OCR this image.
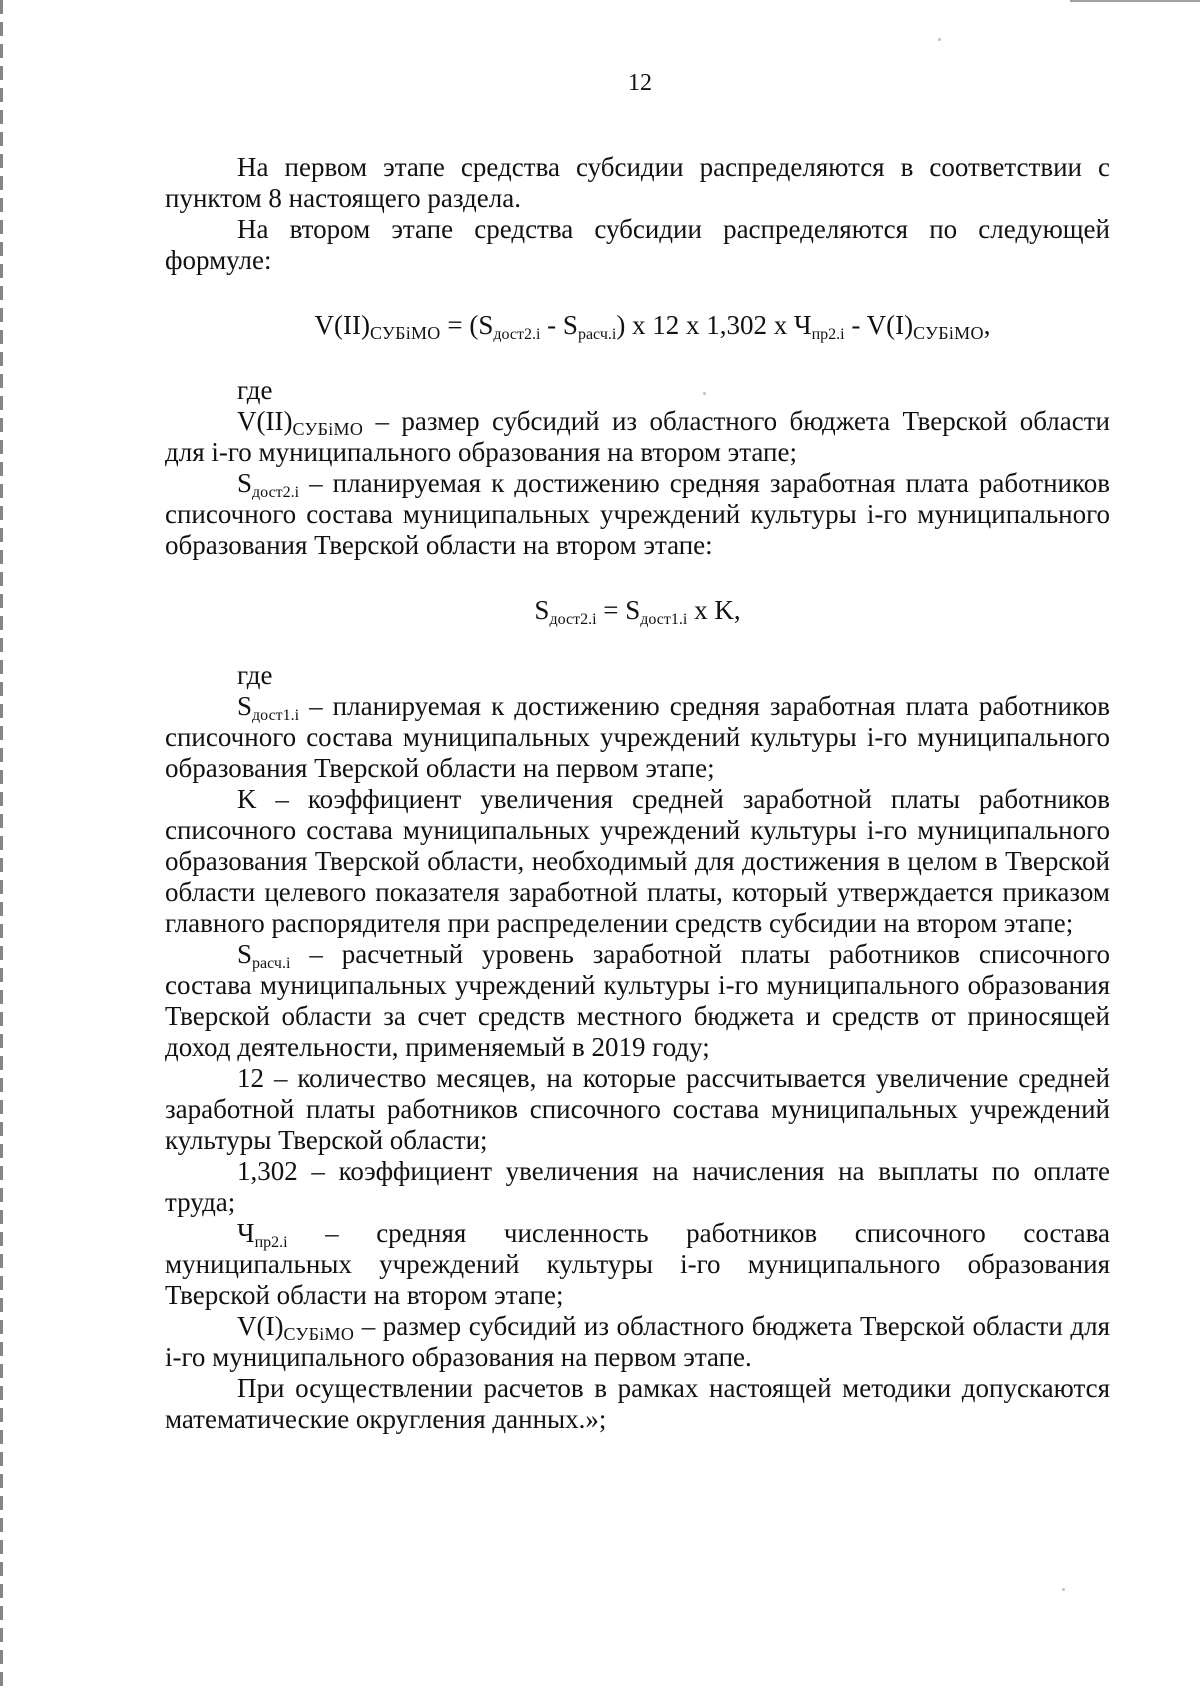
12

На первом этапе средства субсидии распределяются в соответствии с пунктом 8 настоящего раздела.

На втором этапе средства субсидии распределяются по следующей формуле:

$V(II)_{СУБiМО} = (S_{дост2.i} - S_{расч.i})$ x 12 x 1,302 x $Ч_{пр2.i} - V(I)_{СУБiМО}$,

где

$V(II)_{СУБiМО}$ – размер субсидий из областного бюджета Тверской области для i-го муниципального образования на втором этапе;

$S_{дост2.i}$ – планируемая к достижению средняя заработная плата работников списочного состава муниципальных учреждений культуры i-го муниципального образования Тверской области на втором этапе:

$S_{дост2.i} = S_{дост1.i}$ x K,

где

$S_{дост1.i}$ – планируемая к достижению средняя заработная плата работников списочного состава муниципальных учреждений культуры i-го муниципального образования Тверской области на первом этапе;

K – коэффициент увеличения средней заработной платы работников списочного состава муниципальных учреждений культуры i-го муниципального образования Тверской области, необходимый для достижения в целом в Тверской области целевого показателя заработной платы, который утверждается приказом главного распорядителя при распределении средств субсидии на втором этапе;

$S_{расч.i}$ – расчетный уровень заработной платы работников списочного состава муниципальных учреждений культуры i-го муниципального образования Тверской области за счет средств местного бюджета и средств от приносящей доход деятельности, применяемый в 2019 году;

12 – количество месяцев, на которые рассчитывается увеличение средней заработной платы работников списочного состава муниципальных учреждений культуры Тверской области;

1,302 – коэффициент увеличения на начисления на выплаты по оплате труда;

$Ч_{пр2.i}$ – средняя численность работников списочного состава муниципальных учреждений культуры i-го муниципального образования Тверской области на втором этапе;

$V(I)_{СУБiМО}$ – размер субсидий из областного бюджета Тверской области для i-го муниципального образования на первом этапе.

При осуществлении расчетов в рамках настоящей методики допускаются математические округления данных.»;
